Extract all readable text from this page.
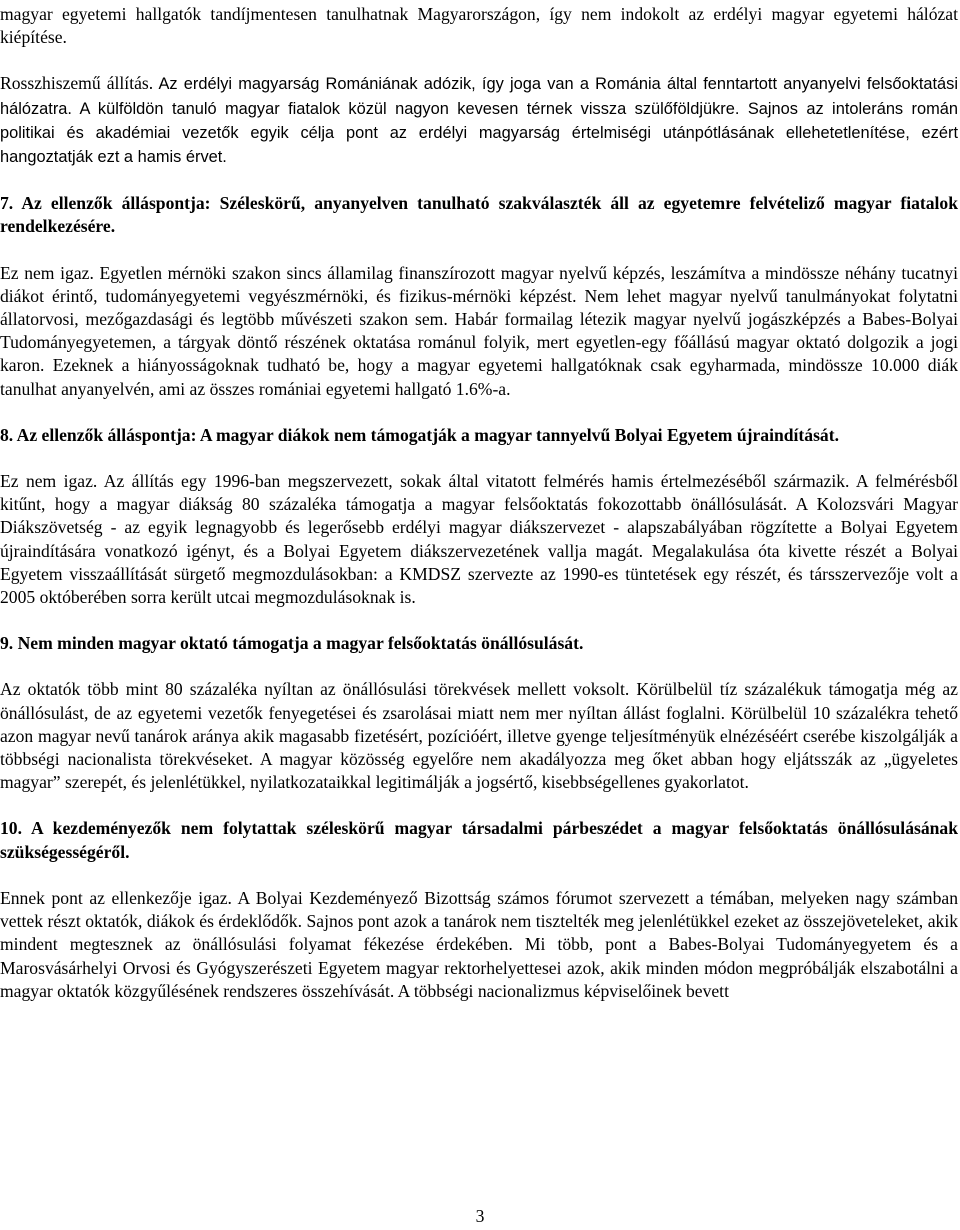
magyar egyetemi hallgatók tandíjmentesen tanulhatnak Magyarországon, így nem indokolt az erdélyi magyar egyetemi hálózat kiépítése.

Rosszhiszemű állítás. Az erdélyi magyarság Romániának adózik, így joga van a Románia által fenntartott anyanyelvi felsőoktatási hálózatra. A külföldön tanuló magyar fiatalok közül nagyon kevesen térnek vissza szülőföldjükre. Sajnos az intoleráns román politikai és akadémiai vezetők egyik célja pont az erdélyi magyarság értelmiségi utánpótlásának ellehetetlenítése, ezért hangoztatják ezt a hamis érvet.

7. Az ellenzők álláspontja: Széleskörű, anyanyelven tanulható szakválaszték áll az egyetemre felvételiző magyar fiatalok rendelkezésére.

Ez nem igaz. Egyetlen mérnöki szakon sincs államilag finanszírozott magyar nyelvű képzés, leszámítva a mindössze néhány tucatnyi diákot érintő, tudományegyetemi vegyészmérnöki, és fizikus-mérnöki képzést. Nem lehet magyar nyelvű tanulmányokat folytatni állatorvosi, mezőgazdasági és legtöbb művészeti szakon sem. Habár formailag létezik magyar nyelvű jogászképzés a Babes-Bolyai Tudományegyetemen, a tárgyak döntő részének oktatása románul folyik, mert egyetlen-egy főállású magyar oktató dolgozik a jogi karon. Ezeknek a hiányosságoknak tudható be, hogy a magyar egyetemi hallgatóknak csak egyharmada, mindössze 10.000 diák tanulhat anyanyelvén, ami az összes romániai egyetemi hallgató 1.6%-a.

8. Az ellenzők álláspontja: A magyar diákok nem támogatják a magyar tannyelvű Bolyai Egyetem újraindítását.

Ez nem igaz. Az állítás egy 1996-ban megszervezett, sokak által vitatott felmérés hamis értelmezéséből származik. A felmérésből kitűnt, hogy a magyar diákság 80 százaléka támogatja a magyar felsőoktatás fokozottabb önállósulását. A Kolozsvári Magyar Diákszövetség - az egyik legnagyobb és legerősebb erdélyi magyar diákszervezet - alapszabályában rögzítette a Bolyai Egyetem újraindítására vonatkozó igényt, és a Bolyai Egyetem diákszervezetének vallja magát. Megalakulása óta kivette részét a Bolyai Egyetem visszaállítását sürgető megmozdulásokban: a KMDSZ szervezte az 1990-es tüntetések egy részét, és társszervezője volt a 2005 októberében sorra került utcai megmozdulásoknak is.

9. Nem minden magyar oktató támogatja a magyar felsőoktatás önállósulását.

Az oktatók több mint 80 százaléka nyíltan az önállósulási törekvések mellett voksolt. Körülbelül tíz százalékuk támogatja még az önállósulást, de az egyetemi vezetők fenyegetései és zsarolásai miatt nem mer nyíltan állást foglalni. Körülbelül 10 százalékra tehető azon magyar nevű tanárok aránya akik magasabb fizetésért, pozícióért, illetve gyenge teljesítményük elnézéséért cserébe kiszolgálják a többségi nacionalista törekvéseket. A magyar közösség egyelőre nem akadályozza meg őket abban hogy eljátsszák az „ügyeletes magyar” szerepét, és jelenlétükkel, nyilatkozataikkal legitimálják a jogsértő, kisebbségellenes gyakorlatot.

10. A kezdeményezők nem folytattak széleskörű magyar társadalmi párbeszédet a magyar felsőoktatás önállósulásának szükségességéről.

Ennek pont az ellenkezője igaz. A Bolyai Kezdeményező Bizottság számos fórumot szervezett a témában, melyeken nagy számban vettek részt oktatók, diákok és érdeklődők. Sajnos pont azok a tanárok nem tisztelték meg jelenlétükkel ezeket az összejöveteleket, akik mindent megtesznek az önállósulási folyamat fékezése érdekében. Mi több, pont a Babes-Bolyai Tudományegyetem és a Marosvásárhelyi Orvosi és Gyógyszerészeti Egyetem magyar rektorhelyettesei azok, akik minden módon megpróbálják elszabotálni a magyar oktatók közgyűlésének rendszeres összehívását. A többségi nacionalizmus képviselőinek bevett

3
